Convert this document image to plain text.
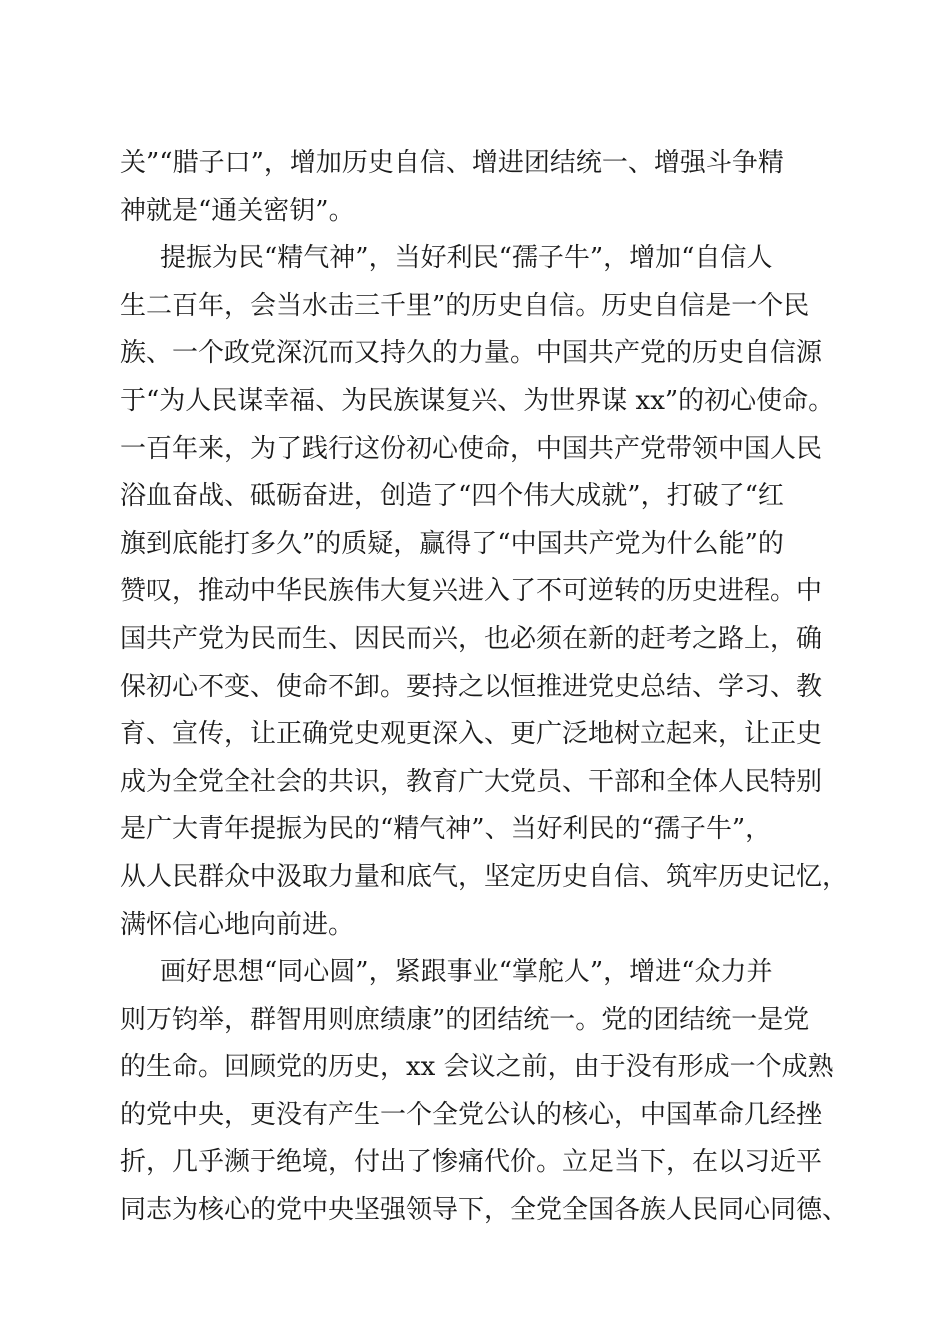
关”“腊子口”，增加历史自信、增进团结统一、增强斗争精
神就是“通关密钥”。
提振为民“精气神”，当好利民“孺子牛”，增加“自信人
生二百年，会当水击三千里”的历史自信。历史自信是一个民
族、一个政党深沉而又持久的力量。中国共产党的历史自信源
于“为人民谋幸福、为民族谋复兴、为世界谋 xx”的初心使命。
一百年来，为了践行这份初心使命，中国共产党带领中国人民
浴血奋战、砥砺奋进，创造了“四个伟大成就”，打破了“红
旗到底能打多久”的质疑，赢得了“中国共产党为什么能”的
赞叹，推动中华民族伟大复兴进入了不可逆转的历史进程。中
国共产党为民而生、因民而兴，也必须在新的赶考之路上，确
保初心不变、使命不卸。要持之以恒推进党史总结、学习、教
育、宣传，让正确党史观更深入、更广泛地树立起来，让正史
成为全党全社会的共识，教育广大党员、干部和全体人民特别
是广大青年提振为民的“精气神”、当好利民的“孺子牛”，
从人民群众中汲取力量和底气，坚定历史自信、筑牢历史记忆，
满怀信心地向前进。
画好思想“同心圆”，紧跟事业“掌舵人”，增进“众力并
则万钧举，群智用则庶绩康”的团结统一。党的团结统一是党
的生命。回顾党的历史，xx 会议之前，由于没有形成一个成熟
的党中央，更没有产生一个全党公认的核心，中国革命几经挫
折，几乎濒于绝境，付出了惨痛代价。立足当下，在以习近平
同志为核心的党中央坚强领导下，全党全国各族人民同心同德、
